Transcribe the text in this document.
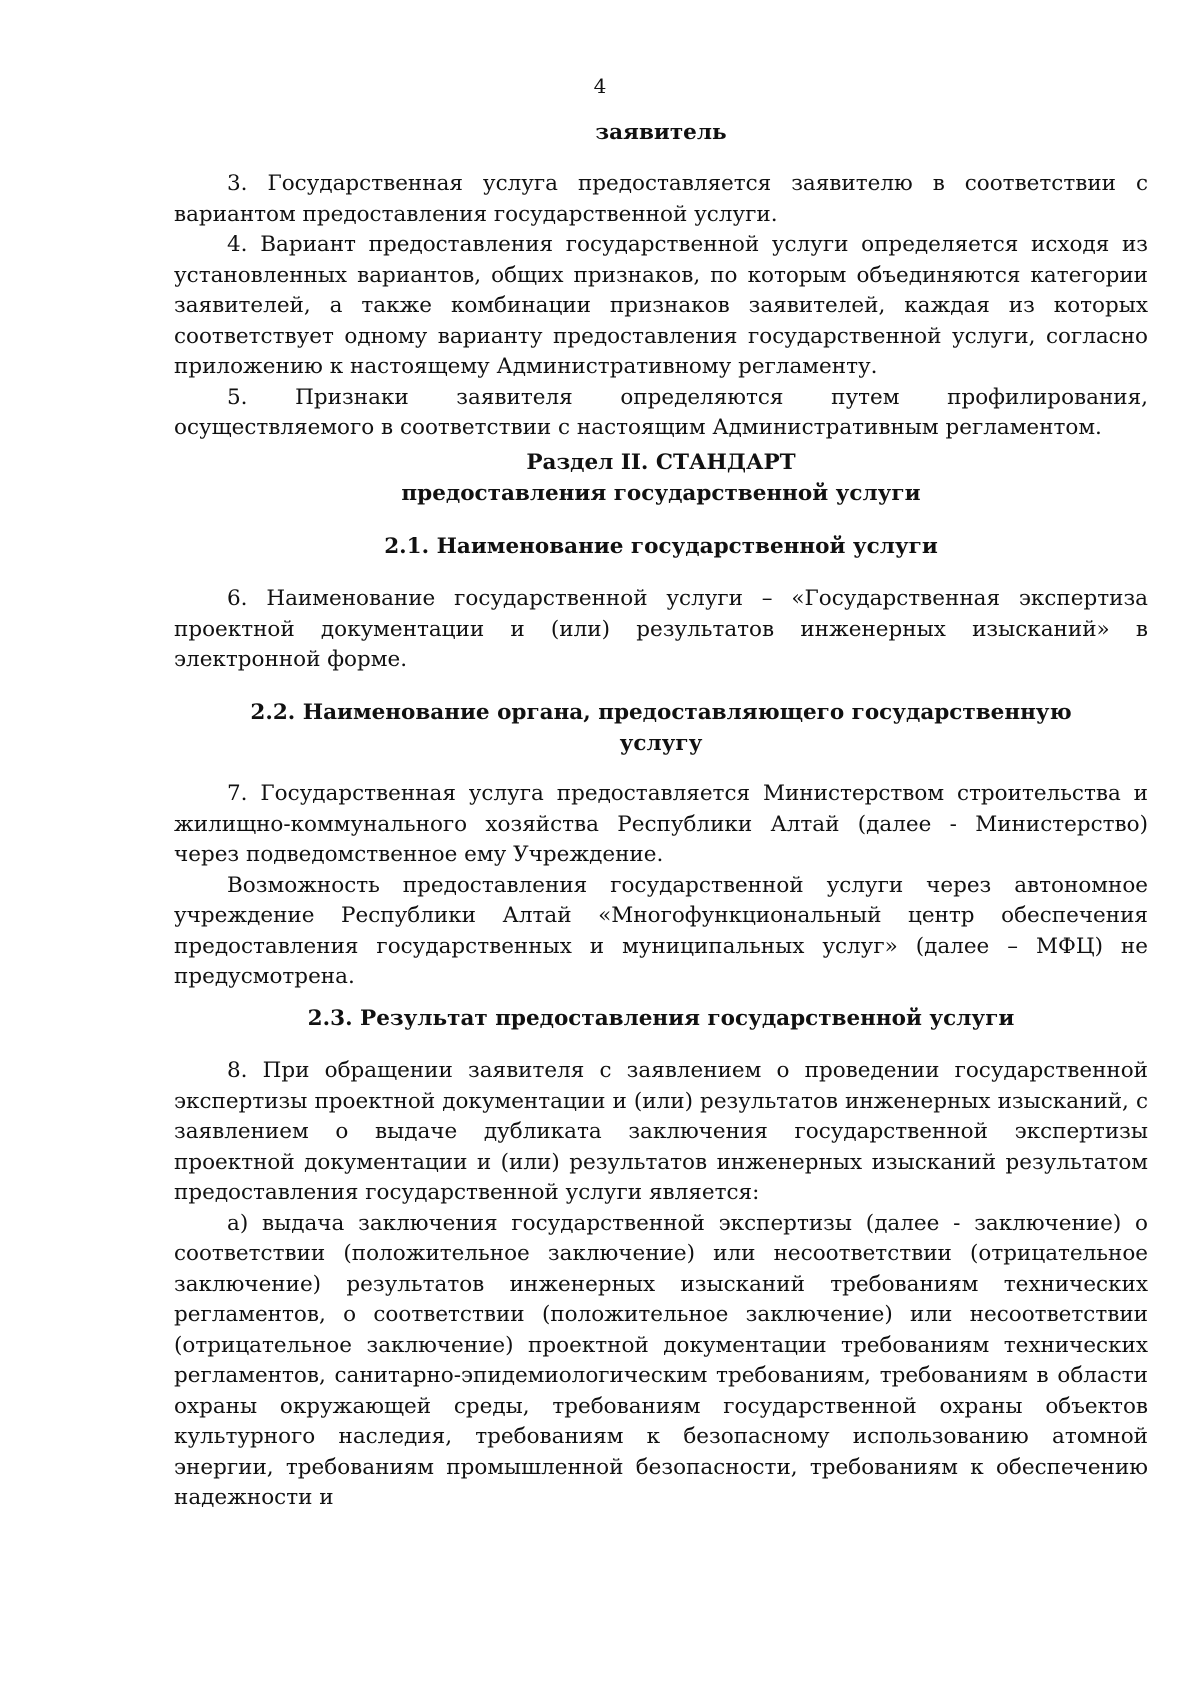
4

заявитель

3. Государственная услуга предоставляется заявителю в соответствии с вариантом предоставления государственной услуги.

4. Вариант предоставления государственной услуги определяется исходя из установленных вариантов, общих признаков, по которым объединяются категории заявителей, а также комбинации признаков заявителей, каждая из которых соответствует одному варианту предоставления государственной услуги, согласно приложению к настоящему Административному регламенту.

5. Признаки заявителя определяются путем профилирования, осуществляемого в соответствии с настоящим Административным регламентом.

Раздел II. СТАНДАРТ

предоставления государственной услуги

2.1. Наименование государственной услуги

6. Наименование государственной услуги – «Государственная экспертиза проектной документации и (или) результатов инженерных изысканий» в электронной форме.

2.2. Наименование органа, предоставляющего государственную

услугу

7. Государственная услуга предоставляется Министерством строительства и жилищно-коммунального хозяйства Республики Алтай (далее - Министерство) через подведомственное ему Учреждение.

Возможность предоставления государственной услуги через автономное учреждение Республики Алтай «Многофункциональный центр обеспечения предоставления государственных и муниципальных услуг» (далее – МФЦ) не предусмотрена.

2.3. Результат предоставления государственной услуги

8. При обращении заявителя с заявлением о проведении государственной экспертизы проектной документации и (или) результатов инженерных изысканий, с заявлением о выдаче дубликата заключения государственной экспертизы проектной документации и (или) результатов инженерных изысканий результатом предоставления государственной услуги является:

а) выдача заключения государственной экспертизы (далее - заключение) о соответствии (положительное заключение) или несоответствии (отрицательное заключение) результатов инженерных изысканий требованиям технических регламентов, о соответствии (положительное заключение) или несоответствии (отрицательное заключение) проектной документации требованиям технических регламентов, санитарно-эпидемиологическим требованиям, требованиям в области охраны окружающей среды, требованиям государственной охраны объектов культурного наследия, требованиям к безопасному использованию атомной энергии, требованиям промышленной безопасности, требованиям к обеспечению надежности и
